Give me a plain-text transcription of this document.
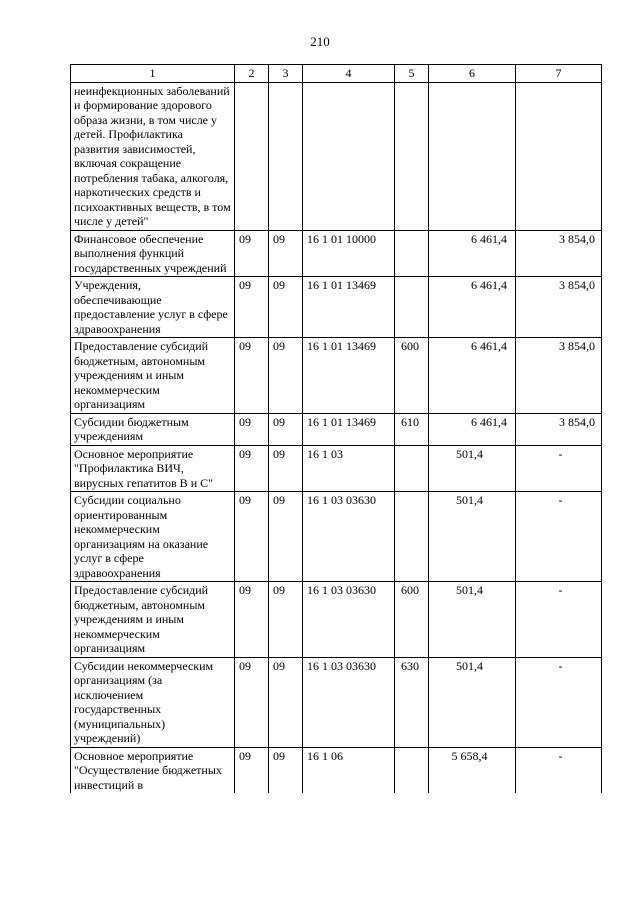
210
1	2	3	4	5	6	7
неинфекционных заболеваний и формирование здорового образа жизни, в том числе у детей. Профилактика развития зависимостей, включая сокращение потребления табака, алкоголя, наркотических средств и психоактивных веществ, в том числе у детей"						
Финансовое обеспечение выполнения функций государственных учреждений	09	09	16 1 01 10000		6 461,4	3 854,0
Учреждения, обеспечивающие предоставление услуг в сфере здравоохранения	09	09	16 1 01 13469		6 461,4	3 854,0
Предоставление субсидий бюджетным, автономным учреждениям и иным некоммерческим организациям	09	09	16 1 01 13469	600	6 461,4	3 854,0
Субсидии бюджетным учреждениям	09	09	16 1 01 13469	610	6 461,4	3 854,0
Основное мероприятие "Профилактика ВИЧ, вирусных гепатитов В и С"	09	09	16 1 03		501,4	-
Субсидии социально ориентированным некоммерческим организациям на оказание услуг в сфере здравоохранения	09	09	16 1 03 03630		501,4	-
Предоставление субсидий бюджетным, автономным учреждениям и иным некоммерческим организациям	09	09	16 1 03 03630	600	501,4	-
Субсидии некоммерческим организациям (за исключением государственных (муниципальных) учреждений)	09	09	16 1 03 03630	630	501,4	-
Основное мероприятие "Осуществление бюджетных инвестиций в	09	09	16 1 06		5 658,4	-
